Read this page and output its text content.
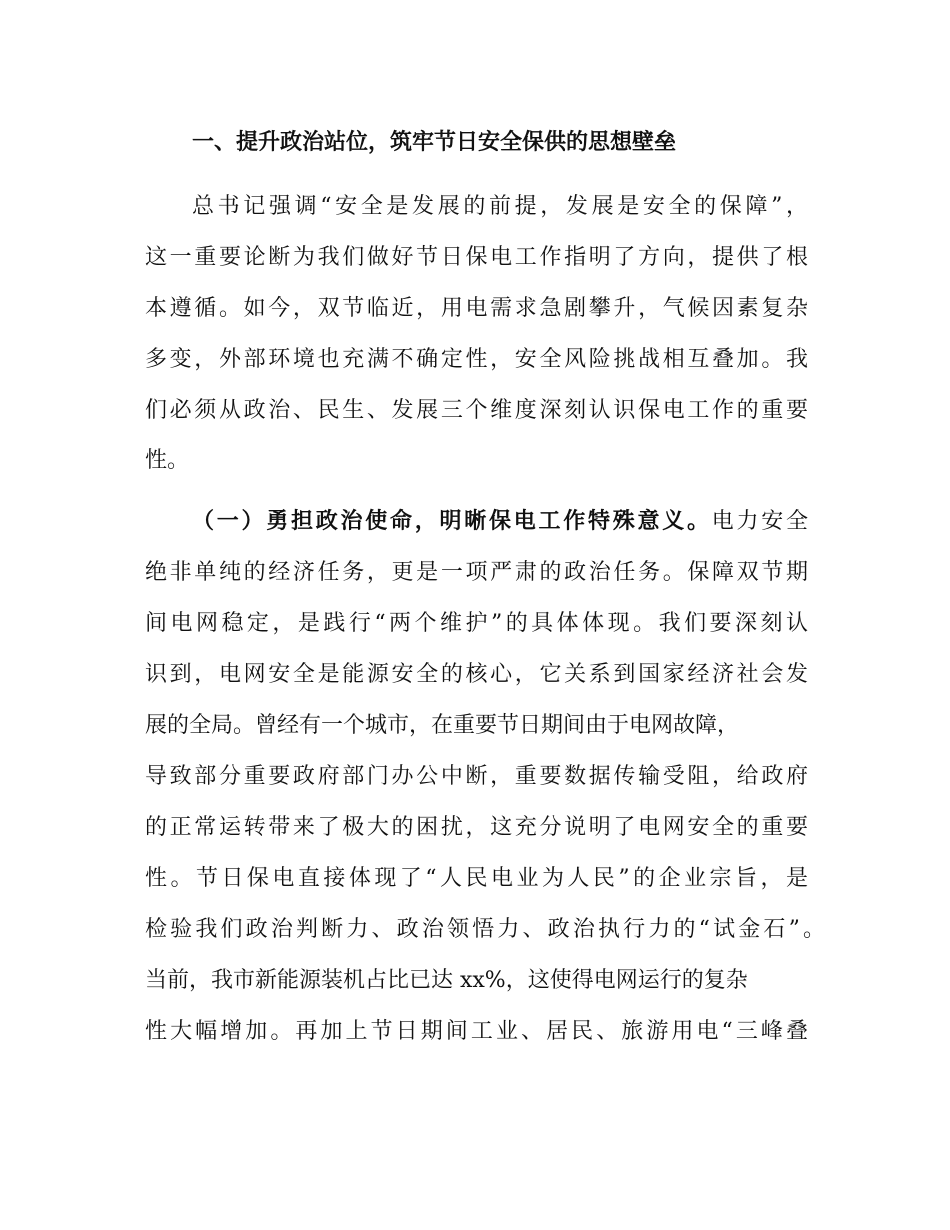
一、提升政治站位，筑牢节日安全保供的思想壁垒
总书记强调“安全是发展的前提，发展是安全的保障”，
这一重要论断为我们做好节日保电工作指明了方向，提供了根
本遵循。如今，双节临近，用电需求急剧攀升，气候因素复杂
多变，外部环境也充满不确定性，安全风险挑战相互叠加。我
们必须从政治、民生、发展三个维度深刻认识保电工作的重要
性。
（一）勇担政治使命，明晰保电工作特殊意义。电力安全
绝非单纯的经济任务，更是一项严肃的政治任务。保障双节期
间电网稳定，是践行“两个维护”的具体体现。我们要深刻认
识到，电网安全是能源安全的核心，它关系到国家经济社会发
展的全局。曾经有一个城市，在重要节日期间由于电网故障，
导致部分重要政府部门办公中断，重要数据传输受阻，给政府
的正常运转带来了极大的困扰，这充分说明了电网安全的重要
性。节日保电直接体现了“人民电业为人民”的企业宗旨，是
检验我们政治判断力、政治领悟力、政治执行力的“试金石”。
当前，我市新能源装机占比已达 xx%，这使得电网运行的复杂
性大幅增加。再加上节日期间工业、居民、旅游用电“三峰叠
